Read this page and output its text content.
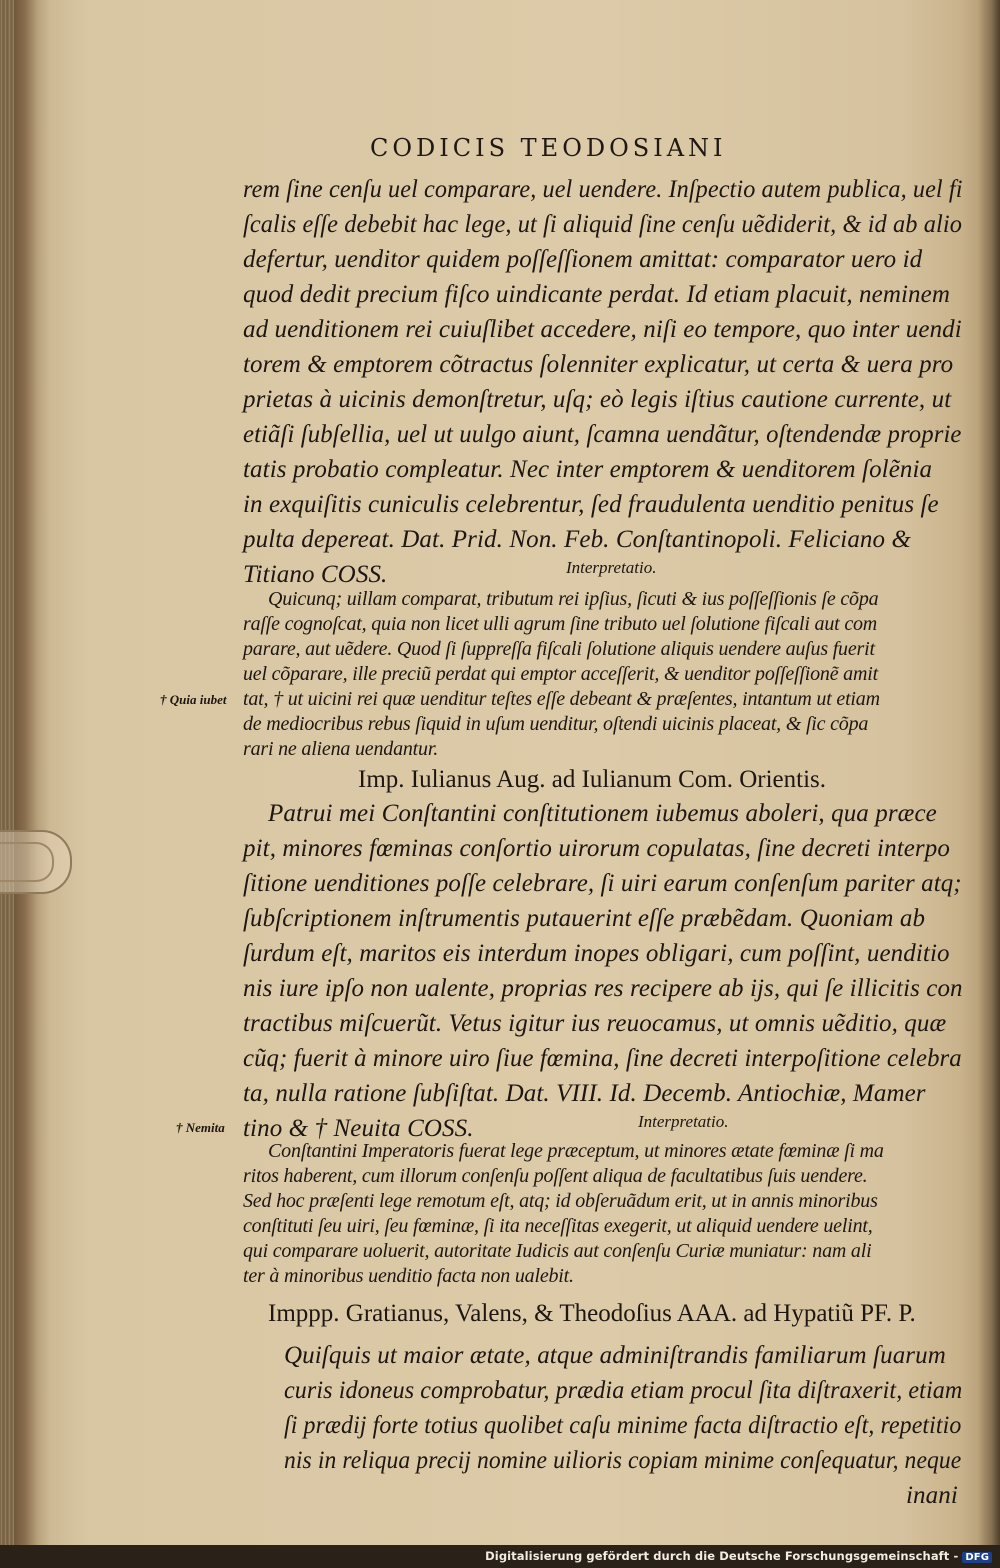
CODICIS TEODOSIANI
rem ſine cenſu uel comparare, uel uendere. Inſpectio autem publica, uel fi
ſcalis eſſe debebit hac lege, ut ſi aliquid ſine cenſu uẽdiderit, & id ab alio
defertur, uenditor quidem poſſeſſionem amittat: comparator uero id
quod dedit precium fiſco uindicante perdat. Id etiam placuit, neminem
ad uenditionem rei cuiuſlibet accedere, niſi eo tempore, quo inter uendi
torem & emptorem cõtractus ſolenniter explicatur, ut certa & uera pro
prietas à uicinis demonſtretur, uſq; eò legis iſtius cautione currente, ut
etiãſi ſubſellia, uel ut uulgo aiunt, ſcamna uendãtur, oſtendendæ proprie
tatis probatio compleatur. Nec inter emptorem & uenditorem ſolẽnia
in exquiſitis cuniculis celebrentur, ſed fraudulenta uenditio penitus ſe
pulta depereat. Dat. Prid. Non. Feb. Conſtantinopoli. Feliciano &
Titiano COSS.	Interpretatio.
Quicunq; uillam comparat, tributum rei ipſius, ſicuti & ius poſſeſſionis ſe cõpa
raſſe cognoſcat, quia non licet ulli agrum ſine tributo uel ſolutione fiſcali aut com
parare, aut uẽdere. Quod ſi ſuppreſſa fiſcali ſolutione aliquis uendere auſus fuerit
uel cõparare, ille preciũ perdat qui emptor acceſſerit, & uenditor poſſeſſionẽ amit
tat, † ut uicini rei quæ uenditur teſtes eſſe debeant & præſentes, intantum ut etiam
de mediocribus rebus ſiquid in uſum uenditur, oſtendi uicinis placeat, & ſic cõpa
rari ne aliena uendantur.
† Quia iubet
Imp. Iulianus Aug. ad Iulianum Com. Orientis.
Patrui mei Conſtantini conſtitutionem iubemus aboleri, qua præce
pit, minores fœminas conſortio uirorum copulatas, ſine decreti interpo
ſitione uenditiones poſſe celebrare, ſi uiri earum conſenſum pariter atq;
ſubſcriptionem inſtrumentis putauerint eſſe præbẽdam. Quoniam ab
ſurdum eſt, maritos eis interdum inopes obligari, cum poſſint, uenditio
nis iure ipſo non ualente, proprias res recipere ab ijs, qui ſe illicitis con
tractibus miſcuerũt. Vetus igitur ius reuocamus, ut omnis uẽditio, quæ
cũq; fuerit à minore uiro ſiue fœmina, ſine decreti interpoſitione celebra
ta, nulla ratione ſubſiſtat. Dat. VIII. Id. Decemb. Antiochiæ, Mamer
tino & † Neuita COSS.
† Nemita	Interpretatio.
Conſtantini Imperatoris fuerat lege præceptum, ut minores ætate fœminæ ſi ma
ritos haberent, cum illorum conſenſu poſſent aliqua de facultatibus ſuis uendere.
Sed hoc præſenti lege remotum eſt, atq; id obſeruãdum erit, ut in annis minoribus
conſtituti ſeu uiri, ſeu fœminæ, ſi ita neceſſitas exegerit, ut aliquid uendere uelint,
qui comparare uoluerit, autoritate Iudicis aut conſenſu Curiæ muniatur: nam ali
ter à minoribus uenditio facta non ualebit.
Imppp. Gratianus, Valens, & Theodoſius AAA. ad Hypatiũ PF. P.
Quiſquis ut maior ætate, atque adminiſtrandis familiarum ſuarum
curis idoneus comprobatur, prædia etiam procul ſita diſtraxerit, etiam
ſi prædij forte totius quolibet caſu minime facta diſtractio eſt, repetitio
nis in reliqua precij nomine uilioris copiam minime conſequatur, neque
inani
Digitalisierung gefördert durch die Deutsche Forschungsgemeinschaft - DFG
